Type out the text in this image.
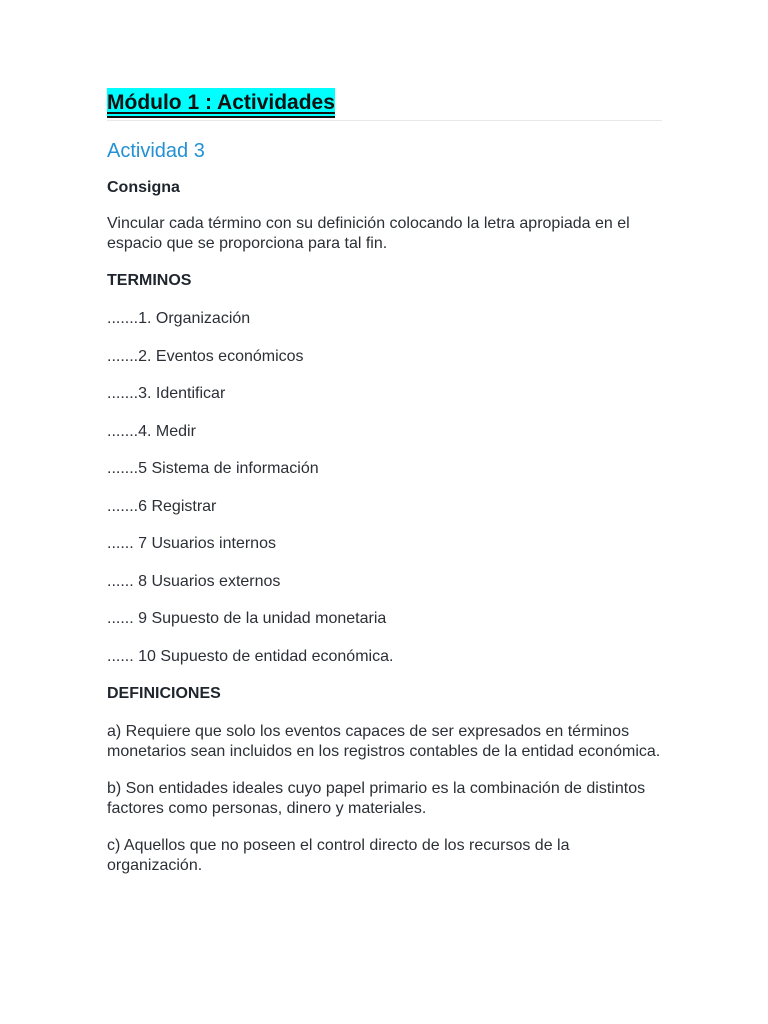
Módulo 1 : Actividades
Actividad 3
Consigna
Vincular cada término con su definición colocando la letra apropiada en el espacio que se proporciona para tal fin.
TERMINOS
.......1. Organización
.......2. Eventos económicos
.......3. Identificar
.......4. Medir
.......5 Sistema de información
.......6 Registrar
...... 7 Usuarios internos
...... 8 Usuarios externos
...... 9 Supuesto de la unidad monetaria
...... 10 Supuesto de entidad económica.
DEFINICIONES
a) Requiere que solo los eventos capaces de ser expresados en términos monetarios sean incluidos en los registros contables de la entidad económica.
b) Son entidades ideales cuyo papel primario es la combinación de distintos factores como personas, dinero y materiales.
c) Aquellos que no poseen el control directo de los recursos de la organización.
